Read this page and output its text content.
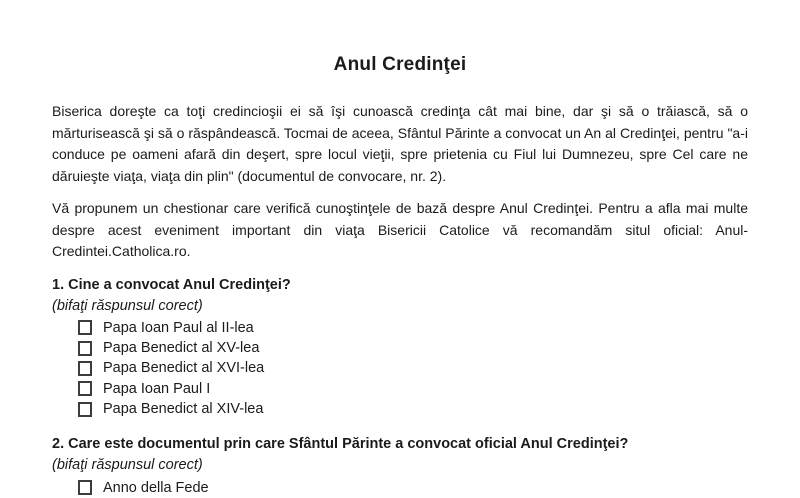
Anul Credinţei

Biserica doreşte ca toţi credincioşii ei să îşi cunoască credinţa cât mai bine, dar şi să o trăiască, să o mărturisească şi să o răspândească. Tocmai de aceea, Sfântul Părinte a convocat un An al Credinţei, pentru "a-i conduce pe oameni afară din deşert, spre locul vieţii, spre prietenia cu Fiul lui Dumnezeu, spre Cel care ne dăruieşte viaţa, viaţa din plin" (documentul de convocare, nr. 2).

Vă propunem un chestionar care verifică cunoştinţele de bază despre Anul Credinţei. Pentru a afla mai multe despre acest eveniment important din viaţa Bisericii Catolice vă recomandăm situl oficial: Anul-Credintei.Catholica.ro.

1. Cine a convocat Anul Credinţei?
(bifaţi răspunsul corect)
Papa Ioan Paul al II-lea
Papa Benedict al XV-lea
Papa Benedict al XVI-lea
Papa Ioan Paul I
Papa Benedict al XIV-lea
2. Care este documentul prin care Sfântul Părinte a convocat oficial Anul Credinţei?
(bifaţi răspunsul corect)
Anno della Fede
